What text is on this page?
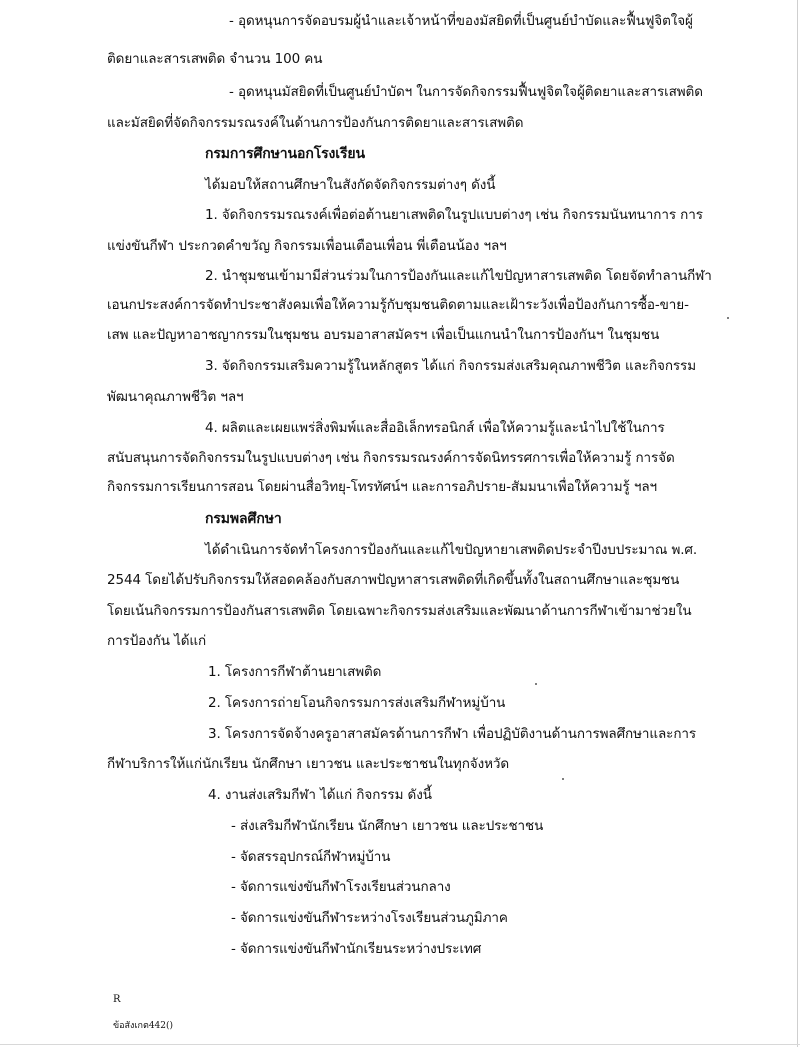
- อุดหนุนการจัดอบรมผู้นำและเจ้าหน้าที่ของมัสยิดที่เป็นศูนย์บำบัดและฟื้นฟูจิตใจผู้
ติดยาและสารเสพติด จำนวน 100 คน
- อุดหนุนมัสยิดที่เป็นศูนย์บำบัดฯ ในการจัดกิจกรรมฟื้นฟูจิตใจผู้ติดยาและสารเสพติด
และมัสยิดที่จัดกิจกรรมรณรงค์ในด้านการป้องกันการติดยาและสารเสพติด
กรมการศึกษานอกโรงเรียน
ได้มอบให้สถานศึกษาในสังกัดจัดกิจกรรมต่างๆ ดังนี้
1. จัดกิจกรรมรณรงค์เพื่อต่อต้านยาเสพติดในรูปแบบต่างๆ เช่น กิจกรรมนันทนาการ การ
แข่งขันกีฬา ประกวดคำขวัญ กิจกรรมเพื่อนเตือนเพื่อน พี่เตือนน้อง ฯลฯ
2. นำชุมชนเข้ามามีส่วนร่วมในการป้องกันและแก้ไขปัญหาสารเสพติด โดยจัดทำลานกีฬา
เอนกประสงค์การจัดทำประชาสังคมเพื่อให้ความรู้กับชุมชนติดตามและเฝ้าระวังเพื่อป้องกันการซื้อ-ขาย-
เสพ และปัญหาอาชญากรรมในชุมชน อบรมอาสาสมัครฯ เพื่อเป็นแกนนำในการป้องกันฯ ในชุมชน
3. จัดกิจกรรมเสริมความรู้ในหลักสูตร ได้แก่ กิจกรรมส่งเสริมคุณภาพชีวิต และกิจกรรม
พัฒนาคุณภาพชีวิต ฯลฯ
4. ผลิตและเผยแพร่สิ่งพิมพ์และสื่ออิเล็กทรอนิกส์ เพื่อให้ความรู้และนำไปใช้ในการ
สนับสนุนการจัดกิจกรรมในรูปแบบต่างๆ เช่น กิจกรรมรณรงค์การจัดนิทรรศการเพื่อให้ความรู้ การจัด
กิจกรรมการเรียนการสอน โดยผ่านสื่อวิทยุ-โทรทัศน์ฯ และการอภิปราย-สัมมนาเพื่อให้ความรู้ ฯลฯ
กรมพลศึกษา
ได้ดำเนินการจัดทำโครงการป้องกันและแก้ไขปัญหายาเสพติดประจำปีงบประมาณ พ.ศ.
2544 โดยได้ปรับกิจกรรมให้สอดคล้องกับสภาพปัญหาสารเสพติดที่เกิดขึ้นทั้งในสถานศึกษาและชุมชน
โดยเน้นกิจกรรมการป้องกันสารเสพติด โดยเฉพาะกิจกรรมส่งเสริมและพัฒนาด้านการกีฬาเข้ามาช่วยใน
การป้องกัน ได้แก่
1. โครงการกีฬาต้านยาเสพติด
2. โครงการถ่ายโอนกิจกรรมการส่งเสริมกีฬาหมู่บ้าน
3. โครงการจัดจ้างครูอาสาสมัครด้านการกีฬา เพื่อปฏิบัติงานด้านการพลศึกษาและการ
กีฬาบริการให้แก่นักเรียน นักศึกษา เยาวชน และประชาชนในทุกจังหวัด
4. งานส่งเสริมกีฬา ได้แก่ กิจกรรม ดังนี้
- ส่งเสริมกีฬานักเรียน นักศึกษา เยาวชน และประชาชน
- จัดสรรอุปกรณ์กีฬาหมู่บ้าน
- จัดการแข่งขันกีฬาโรงเรียนส่วนกลาง
- จัดการแข่งขันกีฬาระหว่างโรงเรียนส่วนภูมิภาค
- จัดการแข่งขันกีฬานักเรียนระหว่างประเทศ
R
ข้อสังเกต442()
